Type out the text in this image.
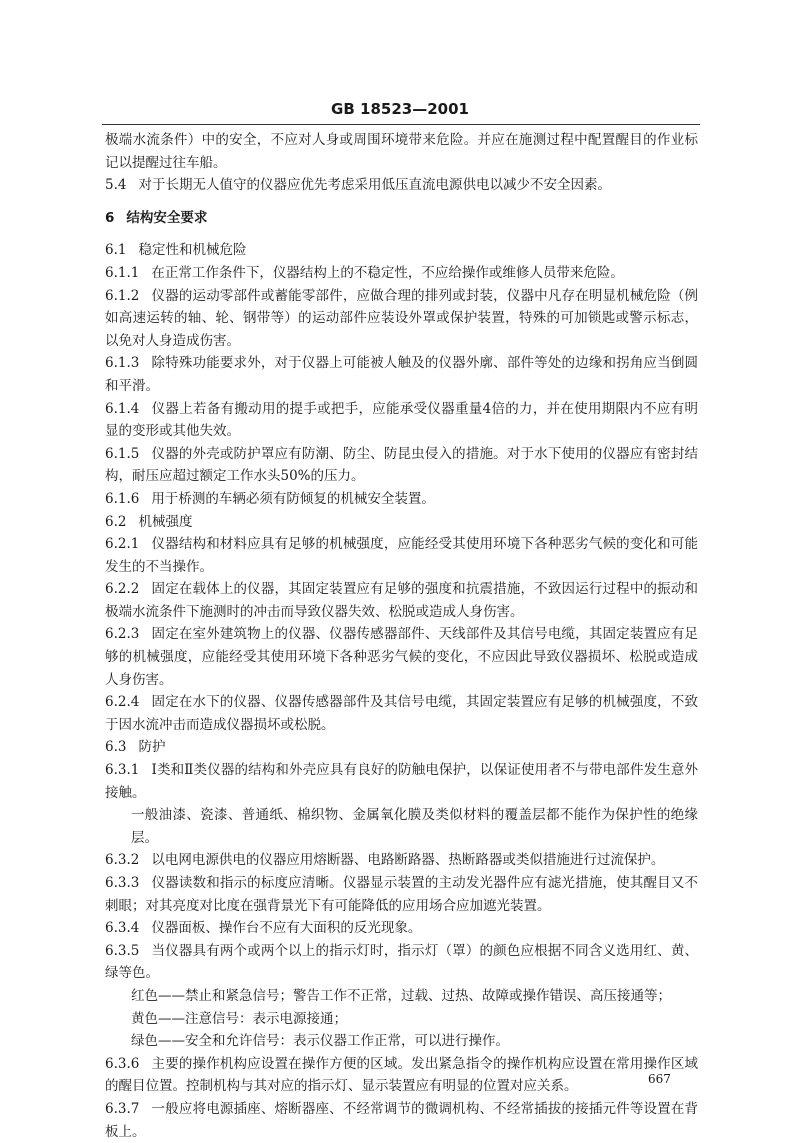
GB 18523—2001

极端水流条件）中的安全，不应对人身或周围环境带来危险。并应在施测过程中配置醒目的作业标记以提醒过往车船。

5.4 对于长期无人值守的仪器应优先考虑采用低压直流电源供电以减少不安全因素。

6 结构安全要求

6.1 稳定性和机械危险

6.1.1 在正常工作条件下，仪器结构上的不稳定性，不应给操作或维修人员带来危险。

6.1.2 仪器的运动零部件或蓄能零部件，应做合理的排列或封装，仪器中凡存在明显机械危险（例如高速运转的轴、轮、钢带等）的运动部件应装设外罩或保护装置，特殊的可加锁匙或警示标志，以免对人身造成伤害。

6.1.3 除特殊功能要求外，对于仪器上可能被人触及的仪器外廓、部件等处的边缘和拐角应当倒圆和平滑。

6.1.4 仪器上若备有搬动用的提手或把手，应能承受仪器重量4倍的力，并在使用期限内不应有明显的变形或其他失效。

6.1.5 仪器的外壳或防护罩应有防潮、防尘、防昆虫侵入的措施。对于水下使用的仪器应有密封结构，耐压应超过额定工作水头50%的压力。

6.1.6 用于桥测的车辆必须有防倾复的机械安全装置。

6.2 机械强度

6.2.1 仪器结构和材料应具有足够的机械强度，应能经受其使用环境下各种恶劣气候的变化和可能发生的不当操作。

6.2.2 固定在载体上的仪器，其固定装置应有足够的强度和抗震措施，不致因运行过程中的振动和极端水流条件下施测时的冲击而导致仪器失效、松脱或造成人身伤害。

6.2.3 固定在室外建筑物上的仪器、仪器传感器部件、天线部件及其信号电缆，其固定装置应有足够的机械强度，应能经受其使用环境下各种恶劣气候的变化，不应因此导致仪器损坏、松脱或造成人身伤害。

6.2.4 固定在水下的仪器、仪器传感器部件及其信号电缆，其固定装置应有足够的机械强度，不致于因水流冲击而造成仪器损坏或松脱。

6.3 防护

6.3.1 Ⅰ类和Ⅱ类仪器的结构和外壳应具有良好的防触电保护，以保证使用者不与带电部件发生意外接触。

一般油漆、瓷漆、普通纸、棉织物、金属氧化膜及类似材料的覆盖层都不能作为保护性的绝缘层。

6.3.2 以电网电源供电的仪器应用熔断器、电路断路器、热断路器或类似措施进行过流保护。

6.3.3 仪器读数和指示的标度应清晰。仪器显示装置的主动发光器件应有滤光措施，使其醒目又不刺眼；对其亮度对比度在强背景光下有可能降低的应用场合应加遮光装置。

6.3.4 仪器面板、操作台不应有大面积的反光现象。

6.3.5 当仪器具有两个或两个以上的指示灯时，指示灯（罩）的颜色应根据不同含义选用红、黄、绿等色。

红色——禁止和紧急信号；警告工作不正常，过载、过热、故障或操作错误、高压接通等；

黄色——注意信号：表示电源接通；

绿色——安全和允许信号：表示仪器工作正常，可以进行操作。

6.3.6 主要的操作机构应设置在操作方便的区域。发出紧急指令的操作机构应设置在常用操作区域的醒目位置。控制机构与其对应的指示灯、显示装置应有明显的位置对应关系。

6.3.7 一般应将电源插座、熔断器座、不经常调节的微调机构、不经常插拔的接插元件等设置在背板上。

667
